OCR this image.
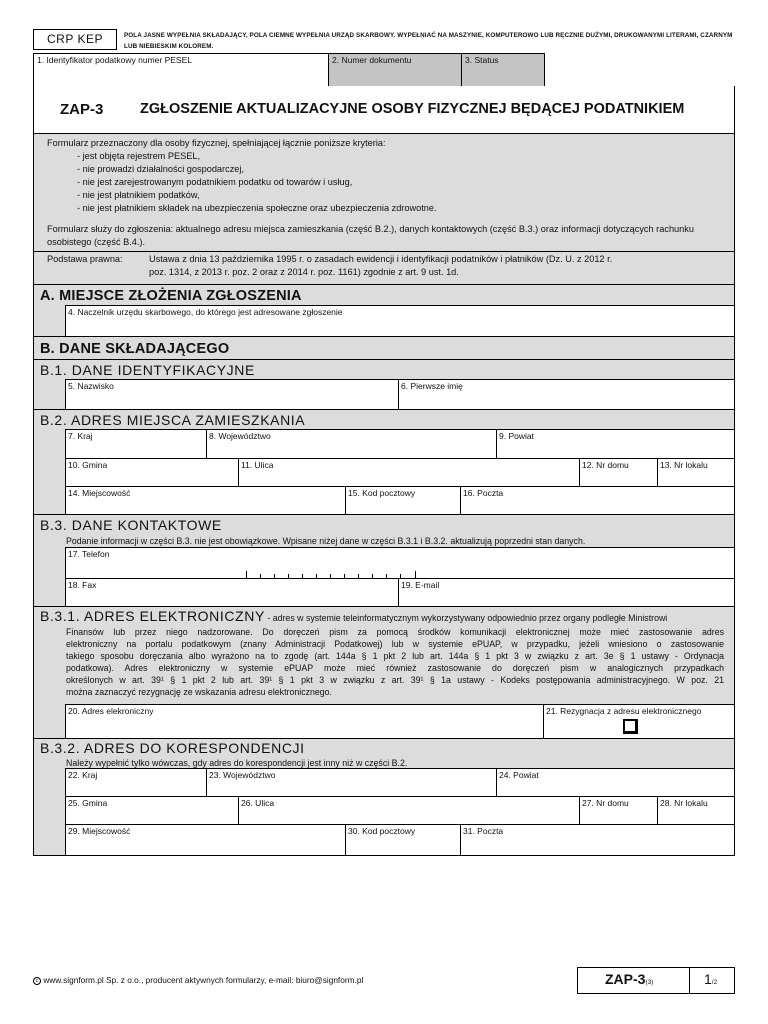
CRP KEP	POLA JASNE WYPEŁNIA SKŁADAJĄCY, POLA CIEMNE WYPEŁNIA URZĄD SKARBOWY. WYPEŁNIAĆ NA MASZYNIE, KOMPUTEROWO LUB RĘCZNIE DUŻYMI, DRUKOWANYMI LITERAMI, CZARNYM LUB NIEBIESKIM KOLOREM.
1. Identyfikator podatkowy numer PESEL	2. Numer dokumentu	3. Status
ZAP-3	ZGŁOSZENIE AKTUALIZACYJNE OSOBY FIZYCZNEJ BĘDĄCEJ PODATNIKIEM
Formularz przeznaczony dla osoby fizycznej, spełniającej łącznie poniższe kryteria:
- jest objęta rejestrem PESEL,
- nie prowadzi działalności gospodarczej,
- nie jest zarejestrowanym podatnikiem podatku od towarów i usług,
- nie jest płatnikiem podatków,
- nie jest płatnikiem składek na ubezpieczenia społeczne oraz ubezpieczenia zdrowotne.
Formularz służy do zgłoszenia: aktualnego adresu miejsca zamieszkania (część B.2.), danych kontaktowych (część B.3.) oraz informacji dotyczących rachunku osobistego (część B.4.).
Podstawa prawna:	Ustawa z dnia 13 października 1995 r. o zasadach ewidencji i identyfikacji podatników i płatników (Dz. U. z 2012 r.
poz. 1314, z 2013 r. poz. 2 oraz z 2014 r. poz. 1161) zgodnie z art. 9 ust. 1d.
A. MIEJSCE ZŁOŻENIA ZGŁOSZENIA
4. Naczelnik urzędu skarbowego, do którego jest adresowane zgłoszenie
B. DANE SKŁADAJĄCEGO
B.1. DANE IDENTYFIKACYJNE
5. Nazwisko	6. Pierwsze imię
B.2. ADRES MIEJSCA ZAMIESZKANIA
7. Kraj	8. Województwo	9. Powiat
10. Gmina	11. Ulica	12. Nr domu	13. Nr lokalu
14. Miejscowość	15. Kod pocztowy	16. Poczta
B.3. DANE KONTAKTOWE
Podanie informacji w części B.3. nie jest obowiązkowe. Wpisane niżej dane w części B.3.1 i B.3.2. aktualizują poprzedni stan danych.
17. Telefon
18. Fax	19. E-mail
B.3.1. ADRES ELEKTRONICZNY - adres w systemie teleinformatycznym wykorzystywany odpowiednio przez organy podległe Ministrowi
Finansów lub przez niego nadzorowane. Do doręczeń pism za pomocą środków komunikacji elektronicznej może mieć zastosowanie adres
elektroniczny na portalu podatkowym (znany Administracji Podatkowej) lub w systemie ePUAP, w przypadku, jeżeli wniesiono o zastosowanie
takiego sposobu doręczania albo wyrażono na to zgodę (art. 144a § 1 pkt 2 lub art. 144a § 1 pkt 3 w związku z art. 3e § 1 ustawy - Ordynacja
podatkowa). Adres elektroniczny w systemie ePUAP może mieć również zastosowanie do doręczeń pism w analogicznych przypadkach
określonych w art. 39¹ § 1 pkt 2 lub art. 39¹ § 1 pkt 3 w związku z art. 39¹ § 1a ustawy - Kodeks postępowania administracyjnego. W poz. 21
można zaznaczyć rezygnację ze wskazania adresu elektronicznego.
20. Adres elekroniczny	21. Rezygnacja z adresu elektronicznego
B.3.2. ADRES DO KORESPONDENCJI
Należy wypełnić tylko wówczas, gdy adres do korespondencji jest inny niż w części B.2.
22. Kraj	23. Województwo	24. Powiat
25. Gmina	26. Ulica	27. Nr domu	28. Nr lokalu
29. Miejscowość	30. Kod pocztowy	31. Poczta
c www.signform.pl Sp. z o.o., producent aktywnych formularzy, e-mail: biuro@signform.pl	ZAP-3(3)	1/2
